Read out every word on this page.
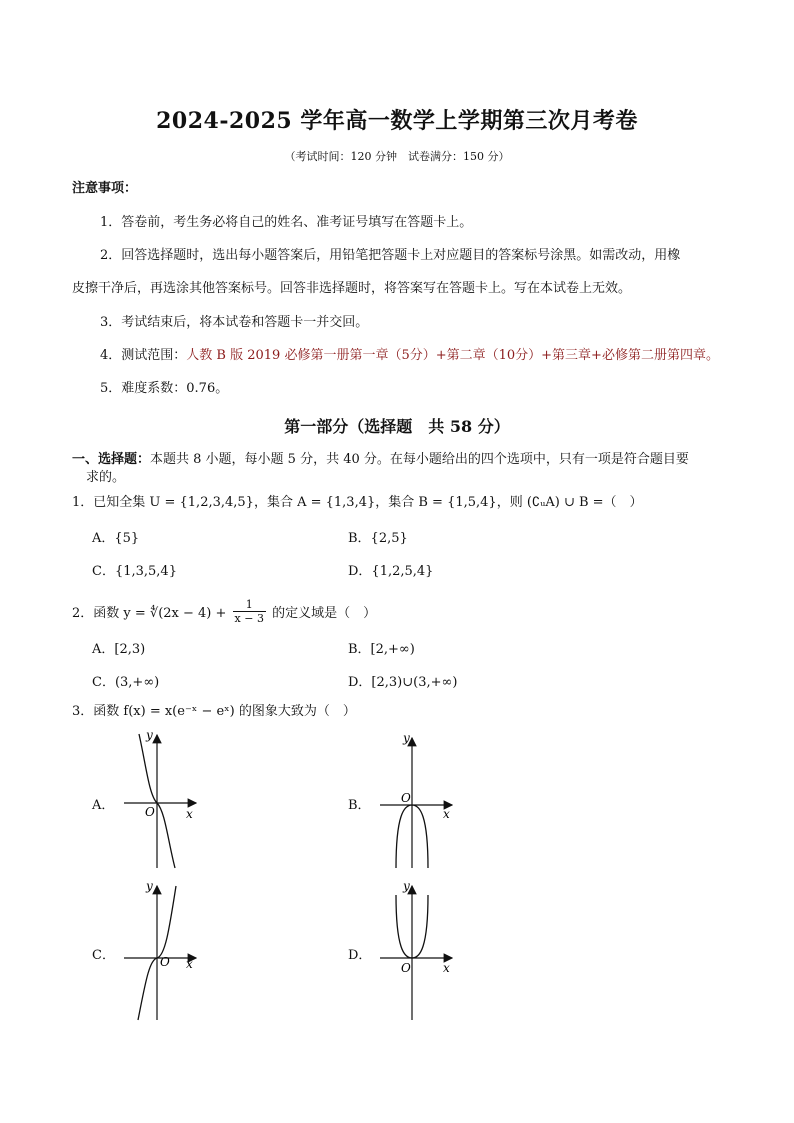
2024-2025 学年高一数学上学期第三次月考卷
（考试时间：120 分钟　试卷满分：150 分）
注意事项：
1．答卷前，考生务必将自己的姓名、准考证号填写在答题卡上。
2．回答选择题时，选出每小题答案后，用铅笔把答题卡上对应题目的答案标号涂黑。如需改动，用橡
皮擦干净后，再选涂其他答案标号。回答非选择题时，将答案写在答题卡上。写在本试卷上无效。
3．考试结束后，将本试卷和答题卡一并交回。
4．测试范围：人教 B 版 2019 必修第一册第一章（5分）+第二章（10分）+第三章+必修第二册第四章。
5．难度系数：0.76。
第一部分（选择题　共 58 分）
一、选择题：本题共 8 小题，每小题 5 分，共 40 分。在每小题给出的四个选项中，只有一项是符合题目要
求的。
1．已知全集 U = {1,2,3,4,5}，集合 A = {1,3,4}，集合 B = {1,5,4}，则 (∁ᵤA) ∪ B =（　）
A．{5}	B．{2,5}
C．{1,3,5,4}	D．{1,2,5,4}
2．函数 y = ∜(2x − $4) + \frac{1}{x - 3}$ 的定义域是（　）
A．[2,3)	B．[2,+∞)
C．(3,+∞)	D．[2,3)∪(3,+∞)
3．函数 f(x) = x(e⁻ˣ − eˣ) 的图象大致为（　）
A．	B．
C．	D．
y
x
O
y
x
O
y
x
O
y
x
O
